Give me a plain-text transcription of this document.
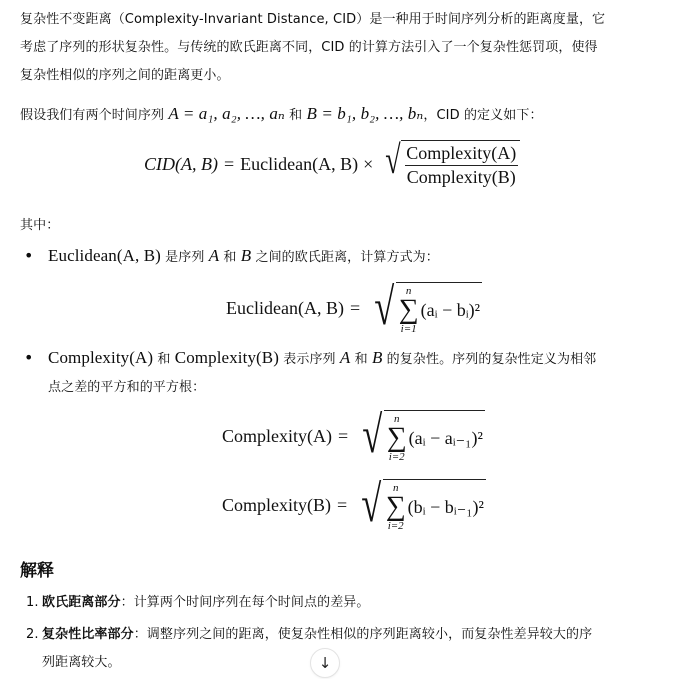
复杂性不变距离（Complexity-Invariant Distance, CID）是一种用于时间序列分析的距离度量，它
考虑了序列的形状复杂性。与传统的欧氏距离不同，CID 的计算方法引入了一个复杂性惩罚项，使得
复杂性相似的序列之间的距离更小。
假设我们有两个时间序列 A = a₁, a₂, …, aₙ 和 B = b₁, b₂, …, bₙ，CID 的定义如下：
CID(A, B) = Euclidean(A, B) × √ $\frac{\text{Complexity(A)}}{\text{Complexity(B)}}$
其中：
• Euclidean(A, B) 是序列 A 和 B 之间的欧氏距离，计算方式为：
Euclidean(A, B) = √ n
∑
i=1
(aᵢ − bᵢ)²
• Complexity(A) 和 Complexity(B) 表示序列 A 和 B 的复杂性。序列的复杂性定义为相邻
点之差的平方和的平方根：
Complexity(A) = √ n
∑
i=2
(aᵢ − aᵢ₋₁)²
Complexity(B) = √ n
∑
i=2
(bᵢ − bᵢ₋₁)²
解释
1. 欧氏距离部分：计算两个时间序列在每个时间点的差异。
2. 复杂性比率部分：调整序列之间的距离，使复杂性相似的序列距离较小，而复杂性差异较大的序
列距离较大。	↓
